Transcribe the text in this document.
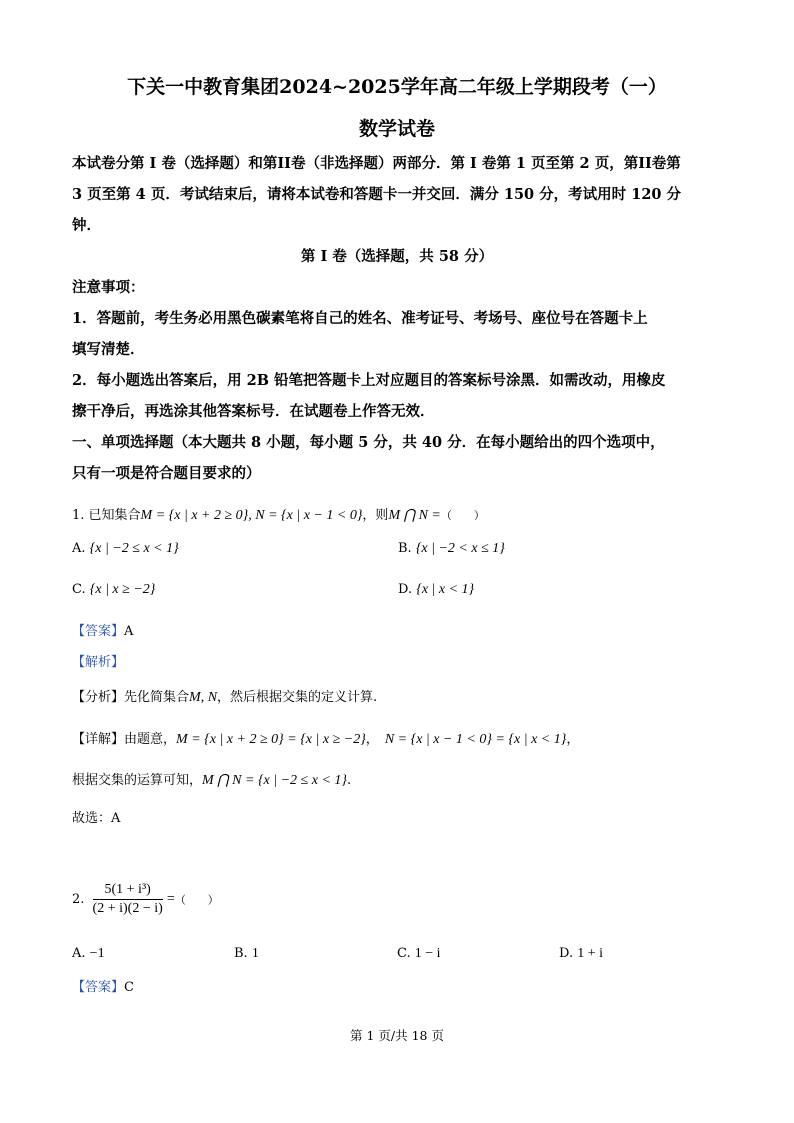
下关一中教育集团2024~2025学年高二年级上学期段考（一）
数学试卷
本试卷分第 I 卷（选择题）和第II卷（非选择题）两部分．第 I 卷第 1 页至第 2 页，第II卷第
3 页至第 4 页．考试结束后，请将本试卷和答题卡一并交回．满分 150 分，考试用时 120 分
钟．
第 I 卷（选择题，共 58 分）
注意事项：
1．答题前，考生务必用黑色碳素笔将自己的姓名、准考证号、考场号、座位号在答题卡上
填写清楚．
2．每小题选出答案后，用 2B 铅笔把答题卡上对应题目的答案标号涂黑．如需改动，用橡皮
擦干净后，再选涂其他答案标号．在试题卷上作答无效．
一、单项选择题（本大题共 8 小题，每小题 5 分，共 40 分．在每小题给出的四个选项中，
只有一项是符合题目要求的）
1. 已知集合M = {x | x + 2 ≥ 0}, N = {x | x − 1 < 0}，则M ⋂ N =（　　）
A. {x | −2 ≤ x < 1}	B. {x | −2 < x ≤ 1}
C. {x | x ≥ −2}	D. {x | x < 1}
【答案】A
【解析】
【分析】先化简集合M, N，然后根据交集的定义计算.
【详解】由题意，M = {x | x + 2 ≥ 0} = {x | x ≥ −2}， N = {x | x − 1 < 0} = {x | x < 1}，
根据交集的运算可知，M ⋂ N = {x | −2 ≤ x < 1}.
故选：A
2. $\frac{\text{5(1 + i³)}}{(2 + i)(2 - i)}$ =（　　）
A. −1	B. 1	C. 1 − i	D. 1 + i
【答案】C
第 1 页/共 18 页
